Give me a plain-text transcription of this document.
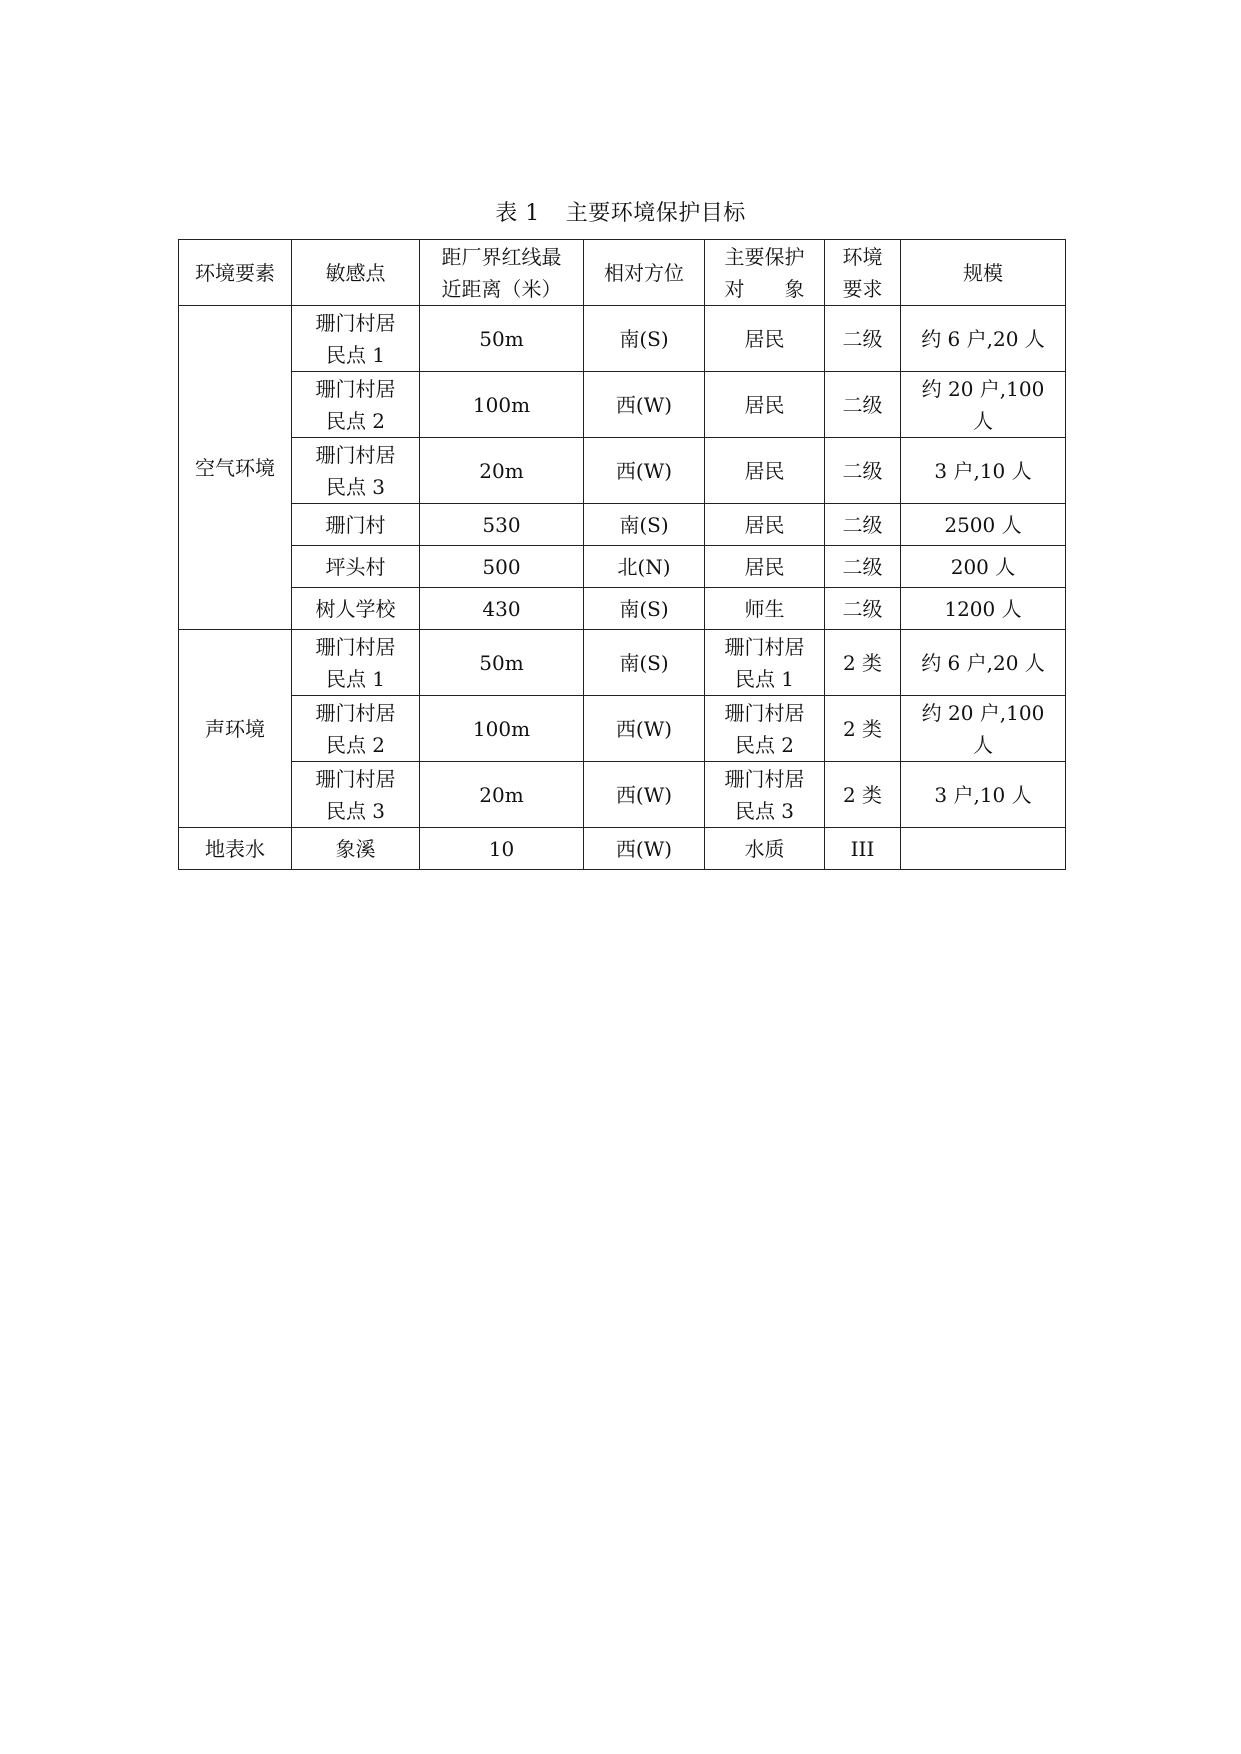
表 1 主要环境保护目标
环境要素	敏感点	距厂界红线最近距离（米）	相对方位	主要保护对　　象	环境要求	规模
空气环境	珊门村居民点 1	50m	南(S)	居民	二级	约 6 户,20 人
	珊门村居民点 2	100m	西(W)	居民	二级	约 20 户,100 人
	珊门村居民点 3	20m	西(W)	居民	二级	3 户,10 人
	珊门村	530	南(S)	居民	二级	2500 人
	坪头村	500	北(N)	居民	二级	200 人
	树人学校	430	南(S)	师生	二级	1200 人
声环境	珊门村居民点 1	50m	南(S)	珊门村居民点 1	2 类	约 6 户,20 人
	珊门村居民点 2	100m	西(W)	珊门村居民点 2	2 类	约 20 户,100 人
	珊门村居民点 3	20m	西(W)	珊门村居民点 3	2 类	3 户,10 人
地表水	象溪	10	西(W)	水质	III	
